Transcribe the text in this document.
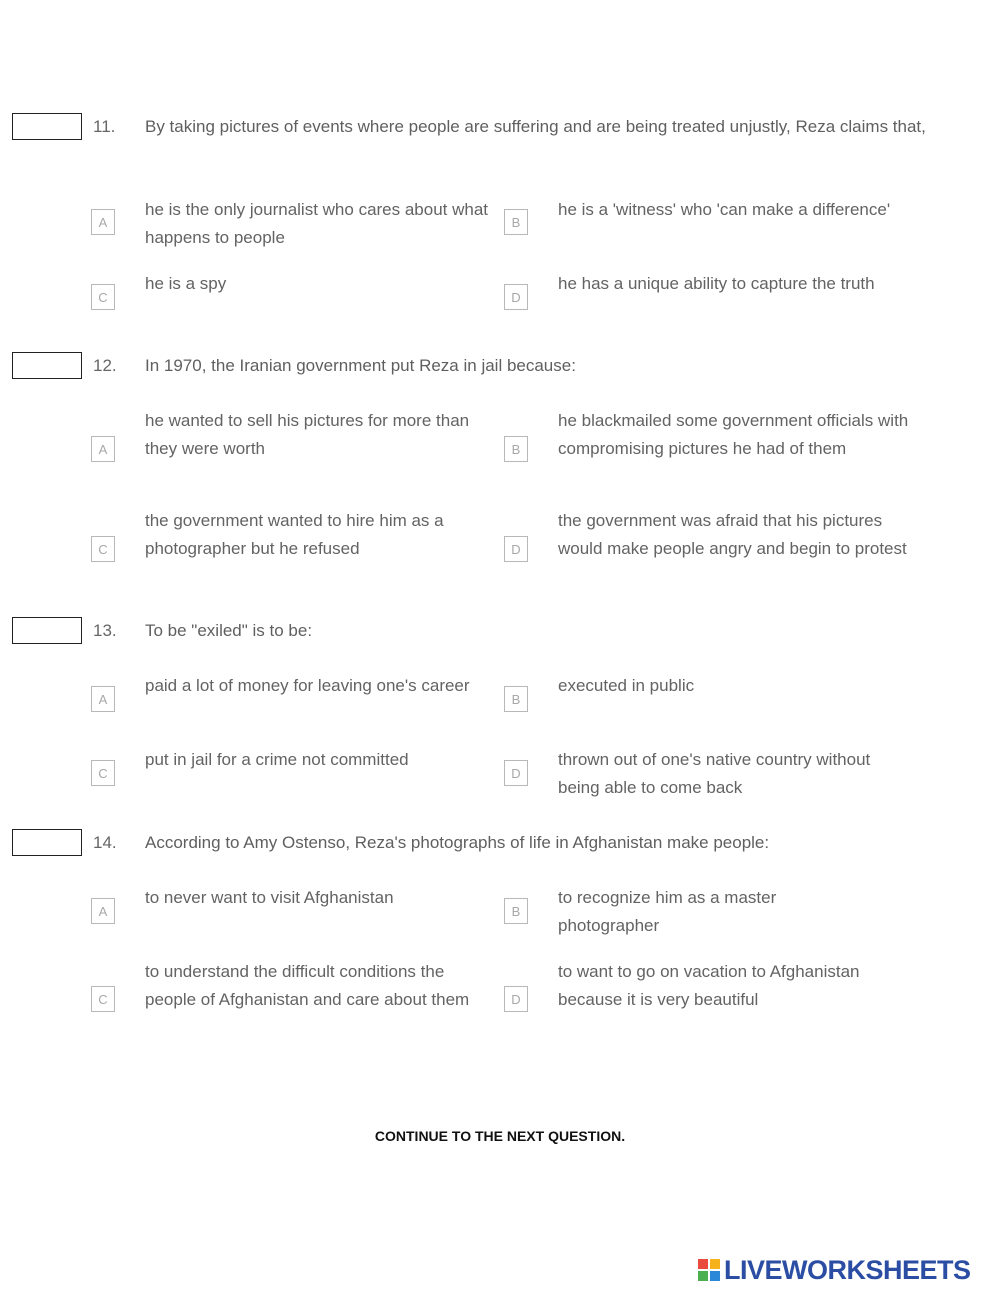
11. By taking pictures of events where people are suffering and are being treated unjustly, Reza claims that,
A
he is the only journalist who cares about what happens to people
B
he is a 'witness' who 'can make a difference'
C
he is a spy
D
he has a unique ability to capture the truth
12. In 1970, the Iranian government put Reza in jail because:
A
he wanted to sell his pictures for more than they were worth	B
he blackmailed some government officials with compromising pictures he had of them
C
the government wanted to hire him as a photographer but he refused	D
the government was afraid that his pictures would make people angry and begin to protest
13. To be "exiled" is to be:
A
paid a lot of money for leaving one's career
B
executed in public
C
put in jail for a crime not committed
D
thrown out of one's native country without being able to come back
14. According to Amy Ostenso, Reza's photographs of life in Afghanistan make people:
A
to never want to visit Afghanistan
B
to recognize him as a master photographer
C
to understand the difficult conditions the people of Afghanistan and care about them	D
to want to go on vacation to Afghanistan because it is very beautiful
CONTINUE TO THE NEXT QUESTION.
LIVEWORKSHEETS
